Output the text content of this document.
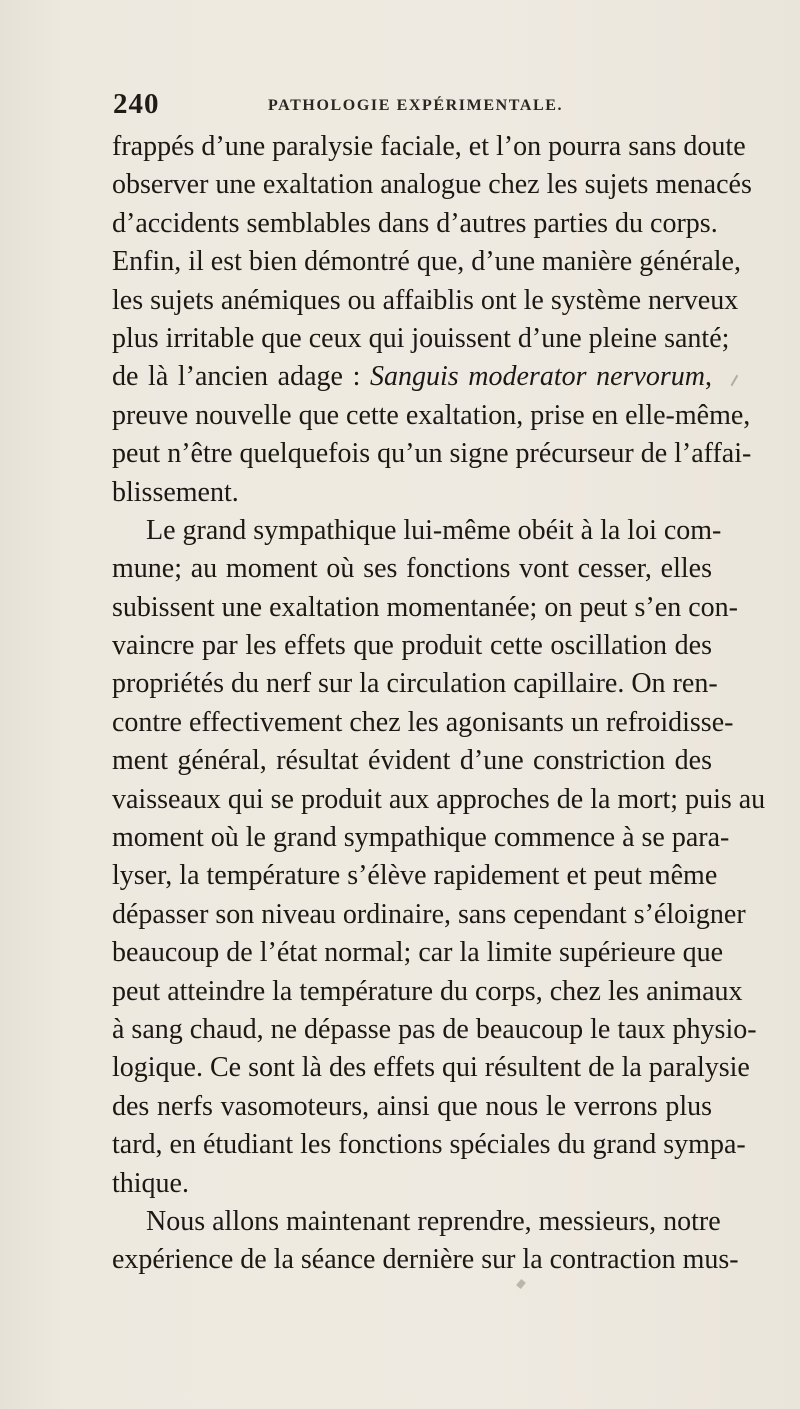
240	PATHOLOGIE EXPÉRIMENTALE.
frappés d’une paralysie faciale, et l’on pourra sans doute
observer une exaltation analogue chez les sujets menacés
d’accidents semblables dans d’autres parties du corps.
Enfin, il est bien démontré que, d’une manière générale,
les sujets anémiques ou affaiblis ont le système nerveux
plus irritable que ceux qui jouissent d’une pleine santé;
de là l’ancien adage : Sanguis moderator nervorum,
preuve nouvelle que cette exaltation, prise en elle-même,
peut n’être quelquefois qu’un signe précurseur de l’affai-
blissement.
Le grand sympathique lui-même obéit à la loi com-
mune; au moment où ses fonctions vont cesser, elles
subissent une exaltation momentanée; on peut s’en con-
vaincre par les effets que produit cette oscillation des
propriétés du nerf sur la circulation capillaire. On ren-
contre effectivement chez les agonisants un refroidisse-
ment général, résultat évident d’une constriction des
vaisseaux qui se produit aux approches de la mort; puis au
moment où le grand sympathique commence à se para-
lyser, la température s’élève rapidement et peut même
dépasser son niveau ordinaire, sans cependant s’éloigner
beaucoup de l’état normal; car la limite supérieure que
peut atteindre la température du corps, chez les animaux
à sang chaud, ne dépasse pas de beaucoup le taux physio-
logique. Ce sont là des effets qui résultent de la paralysie
des nerfs vasomoteurs, ainsi que nous le verrons plus
tard, en étudiant les fonctions spéciales du grand sympa-
thique.
Nous allons maintenant reprendre, messieurs, notre
expérience de la séance dernière sur la contraction mus-
